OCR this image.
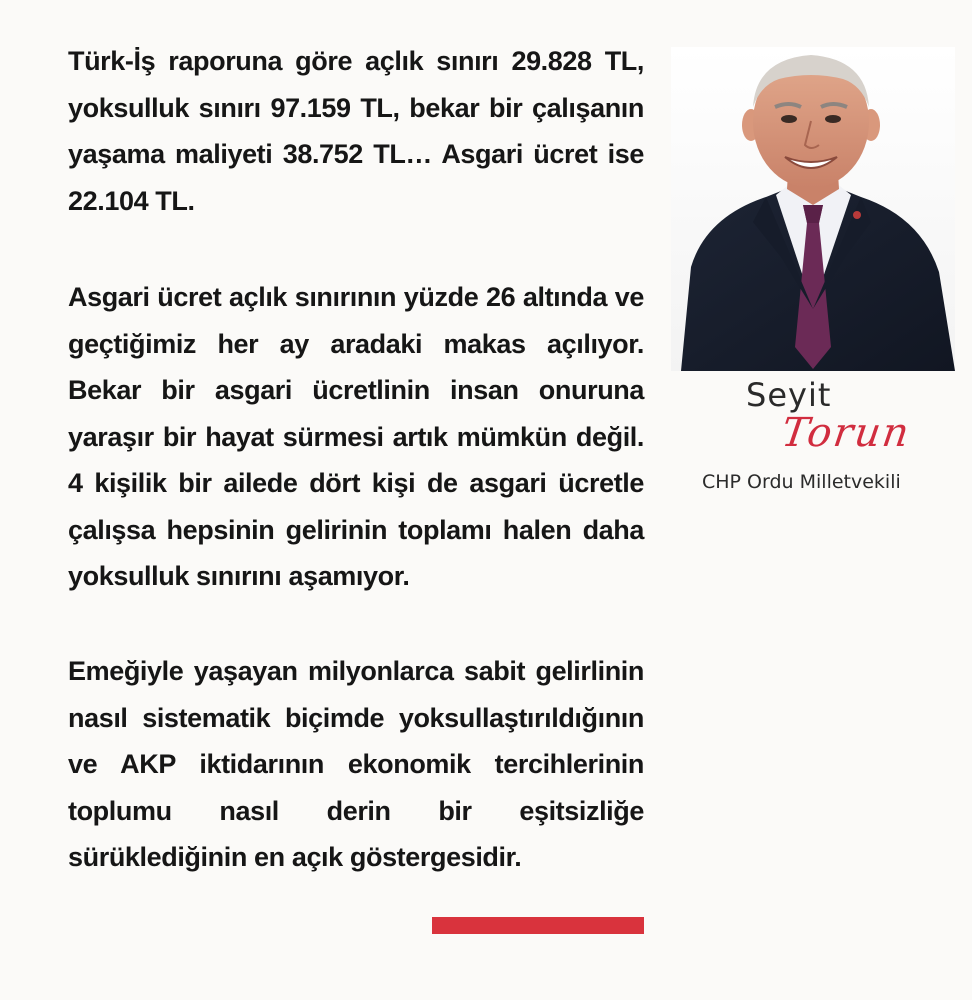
Türk-İş raporuna göre açlık sınırı 29.828 TL, yoksulluk sınırı 97.159 TL, bekar bir çalışanın yaşama maliyeti 38.752 TL… Asgari ücret ise 22.104 TL.

Asgari ücret açlık sınırının yüzde 26 altında ve geçtiğimiz her ay aradaki makas açılıyor. Bekar bir asgari ücretlinin insan onuruna yaraşır bir hayat sürmesi artık mümkün değil. 4 kişilik bir ailede dört kişi de asgari ücretle çalışsa hepsinin gelirinin toplamı halen daha yoksulluk sınırını aşamıyor.

Emeğiyle yaşayan milyonlarca sabit gelirlinin nasıl sistematik biçimde yoksullaştırıldığının ve AKP iktidarının ekonomik tercihlerinin toplumu nasıl derin bir eşitsizliğe sürüklediğinin en açık göstergesidir.

Seyit
Torun
CHP Ordu Milletvekili
